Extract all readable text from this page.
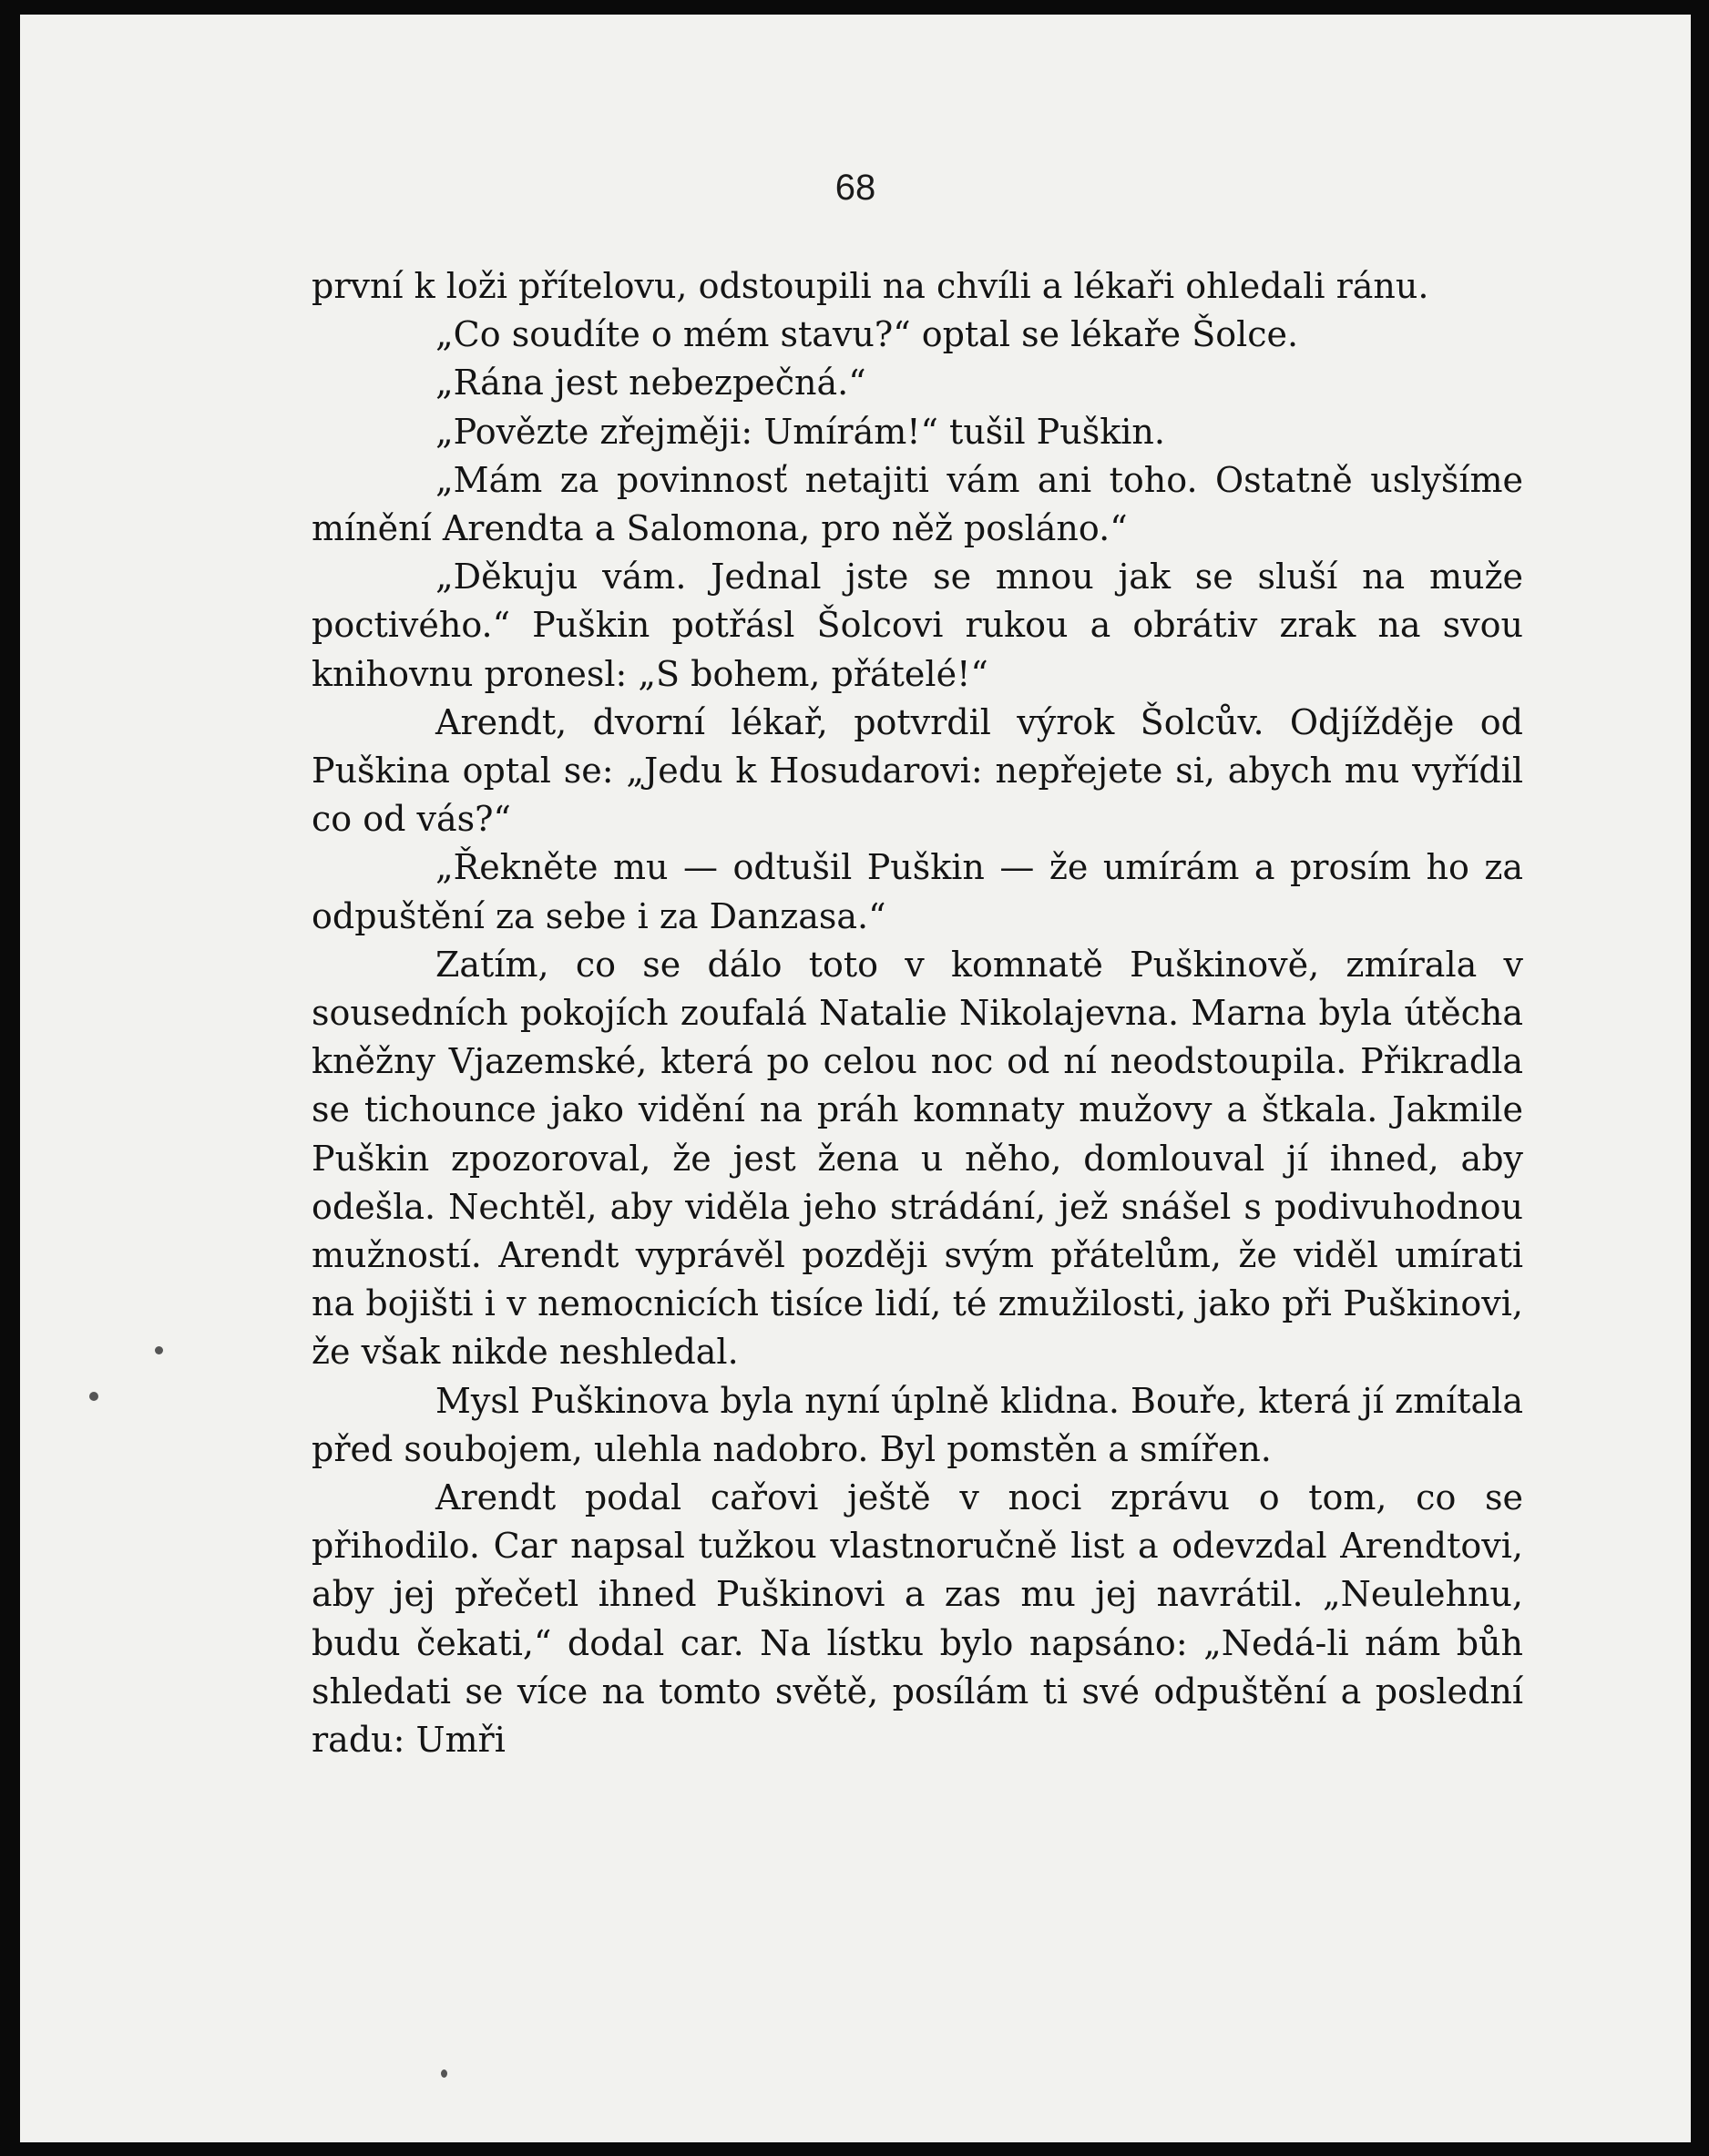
68

první k loži přítelovu, odstoupili na chvíli a lékaři ohledali ránu.

„Co soudíte o mém stavu?“ optal se lékaře Šolce.

„Rána jest nebezpečná.“

„Povězte zřejměji: Umírám!“ tušil Puškin.

„Mám za povinnosť netajiti vám ani toho. Ostatně uslyšíme mínění Arendta a Salomona, pro něž posláno.“

„Děkuju vám. Jednal jste se mnou jak se sluší na muže poctivého.“ Puškin potřásl Šolcovi rukou a obrátiv zrak na svou knihovnu pronesl: „S bohem, přátelé!“

Arendt, dvorní lékař, potvrdil výrok Šolcův. Odjížděje od Puškina optal se: „Jedu k Hosudarovi: nepřejete si, abych mu vyřídil co od vás?“

„Řekněte mu — odtušil Puškin — že umírám a prosím ho za odpuštění za sebe i za Danzasa.“

Zatím, co se dálo toto v komnatě Puškinově, zmírala v sousedních pokojích zoufalá Natalie Nikolajevna. Marna byla útěcha kněžny Vjazemské, která po celou noc od ní neodstoupila. Přikradla se tichounce jako vidění na práh komnaty mužovy a štkala. Jakmile Puškin zpozoroval, že jest žena u něho, domlouval jí ihned, aby odešla. Nechtěl, aby viděla jeho strádání, jež snášel s podivuhodnou mužností. Arendt vyprávěl později svým přátelům, že viděl umírati na bojišti i v nemocnicích tisíce lidí, té zmužilosti, jako při Puškinovi, že však nikde neshledal.

Mysl Puškinova byla nyní úplně klidna. Bouře, která jí zmítala před soubojem, ulehla nadobro. Byl pomstěn a smířen.

Arendt podal cařovi ještě v noci zprávu o tom, co se přihodilo. Car napsal tužkou vlastnoručně list a odevzdal Arendtovi, aby jej přečetl ihned Puškinovi a zas mu jej navrátil. „Neulehnu, budu čekati,“ dodal car. Na lístku bylo napsáno: „Nedá-li nám bůh shledati se více na tomto světě, posílám ti své odpuštění a poslední radu: Umři
